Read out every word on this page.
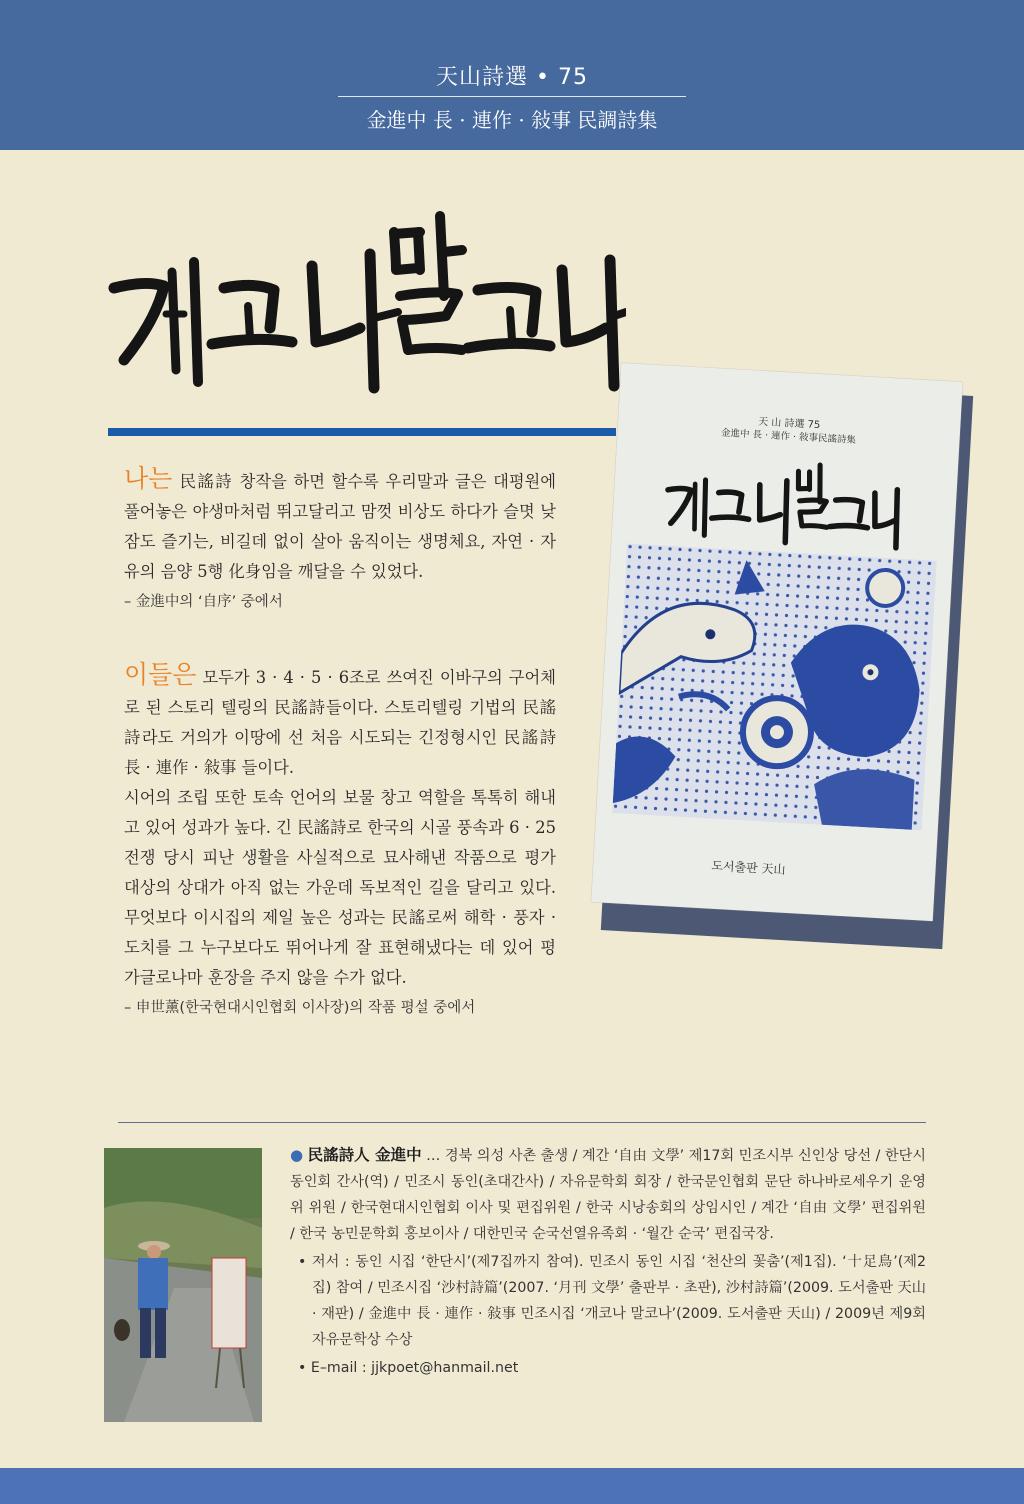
天山詩選 • 75
金進中 長 · 連作 · 敍事 民調詩集
나는 民謠詩 창작을 하면 할수록 우리말과 글은 대평원에 풀어놓은 야생마처럼 뛰고달리고 맘껏 비상도 하다가 슬몃 낮잠도 즐기는, 비길데 없이 살아 움직이는 생명체요, 자연 · 자유의 음양 5행 化身임을 깨달을 수 있었다.
– 金進中의 ‘自序’ 중에서
이들은 모두가 3 · 4 · 5 · 6조로 쓰여진 이바구의 구어체로 된 스토리 텔링의 民謠詩들이다. 스토리텔링 기법의 民謠詩라도 거의가 이땅에 선 처음 시도되는 긴정형시인 民謠詩 長 · 連作 · 敍事 들이다.
시어의 조립 또한 토속 언어의 보물 창고 역할을 톡톡히 해내고 있어 성과가 높다. 긴 民謠詩로 한국의 시골 풍속과 6 · 25 전쟁 당시 피난 생활을 사실적으로 묘사해낸 작품으로 평가 대상의 상대가 아직 없는 가운데 독보적인 길을 달리고 있다. 무엇보다 이시집의 제일 높은 성과는 民謠로써 해학 · 풍자 · 도치를 그 누구보다도 뛰어나게 잘 표현해냈다는 데 있어 평가글로나마 훈장을 주지 않을 수가 없다.
– 申世薰(한국현대시인협회 이사장)의 작품 평설 중에서
天 山 詩選 75
金進中 長 · 連作 · 敍事民謠詩集
도서출판 天山
● 民謠詩人 金進中 … 경북 의성 사촌 출생 / 계간 ‘自由 文學’ 제17회 민조시부 신인상 당선 / 한단시 동인회 간사(역) / 민조시 동인(초대간사) / 자유문학회 회장 / 한국문인협회 문단 하나바로세우기 운영위 위원 / 한국현대시인협회 이사 및 편집위원 / 한국 시낭송회의 상임시인 / 계간 ‘自由 文學’ 편집위원 / 한국 농민문학회 홍보이사 / 대한민국 순국선열유족회 · ‘월간 순국’ 편집국장.
• 저서 : 동인 시집 ‘한단시’(제7집까지 참여). 민조시 동인 시집 ‘천산의 꽃춤’(제1집). ‘十足鳥’(제2집) 참여 / 민조시집 ‘沙村詩篇’(2007. ‘月刊 文學’ 출판부 · 초판), 沙村詩篇’(2009. 도서출판 天山 · 재판) / 金進中 長 · 連作 · 敍事 민조시집 ‘개코나 말코나’(2009. 도서출판 天山) / 2009년 제9회 자유문학상 수상
• E–mail : jjkpoet@hanmail.net
